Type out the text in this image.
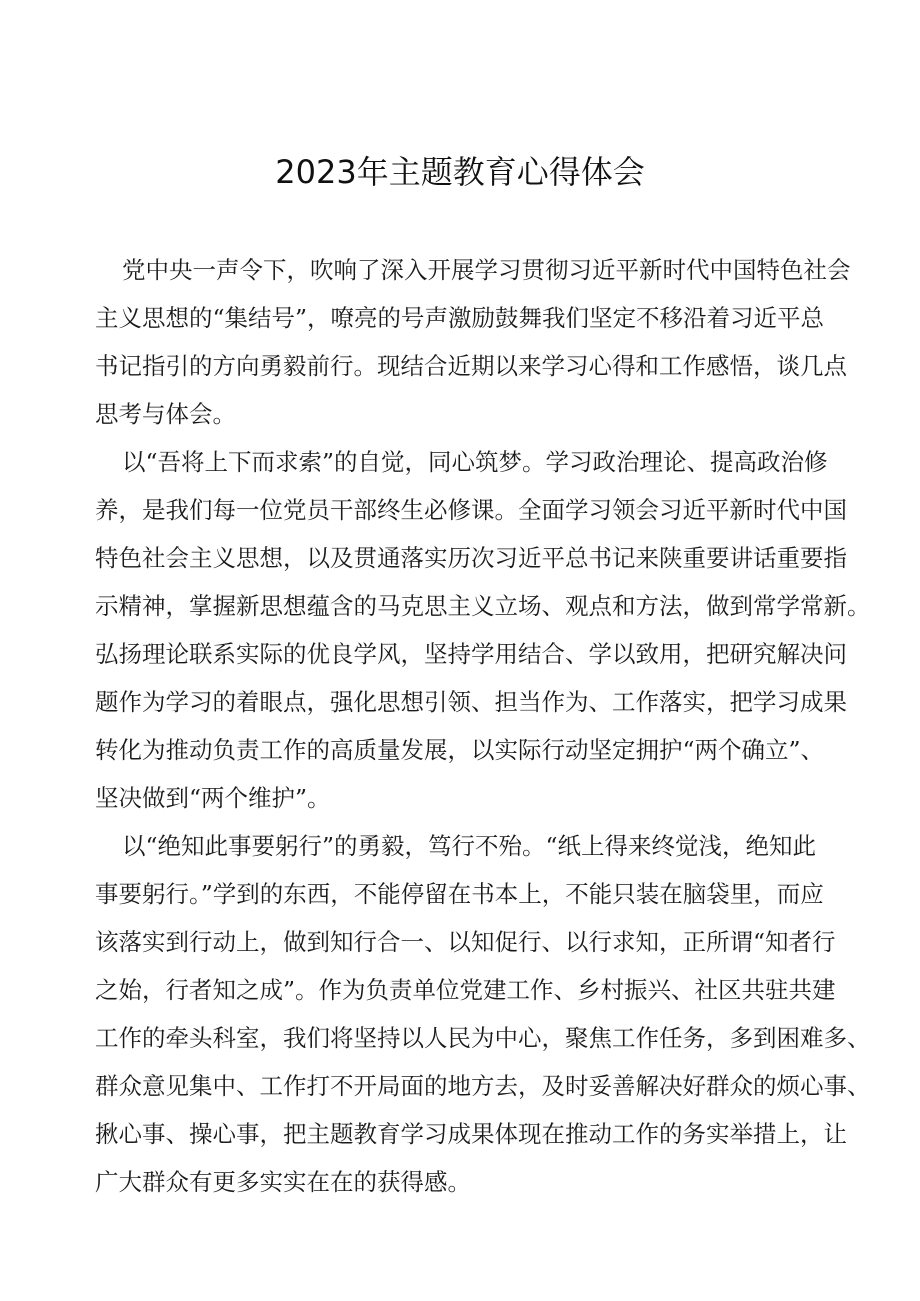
2023年主题教育心得体会
党中央一声令下，吹响了深入开展学习贯彻习近平新时代中国特色社会
主义思想的“集结号”，嘹亮的号声激励鼓舞我们坚定不移沿着习近平总
书记指引的方向勇毅前行。现结合近期以来学习心得和工作感悟，谈几点
思考与体会。
以“吾将上下而求索”的自觉，同心筑梦。学习政治理论、提高政治修
养，是我们每一位党员干部终生必修课。全面学习领会习近平新时代中国
特色社会主义思想，以及贯通落实历次习近平总书记来陕重要讲话重要指
示精神，掌握新思想蕴含的马克思主义立场、观点和方法，做到常学常新。
弘扬理论联系实际的优良学风，坚持学用结合、学以致用，把研究解决问
题作为学习的着眼点，强化思想引领、担当作为、工作落实，把学习成果
转化为推动负责工作的高质量发展，以实际行动坚定拥护“两个确立”、
坚决做到“两个维护”。
以“绝知此事要躬行”的勇毅，笃行不殆。“纸上得来终觉浅，绝知此
事要躬行。”学到的东西，不能停留在书本上，不能只装在脑袋里，而应
该落实到行动上，做到知行合一、以知促行、以行求知，正所谓“知者行
之始，行者知之成”。作为负责单位党建工作、乡村振兴、社区共驻共建
工作的牵头科室，我们将坚持以人民为中心，聚焦工作任务，多到困难多、
群众意见集中、工作打不开局面的地方去，及时妥善解决好群众的烦心事、
揪心事、操心事，把主题教育学习成果体现在推动工作的务实举措上，让
广大群众有更多实实在在的获得感。
